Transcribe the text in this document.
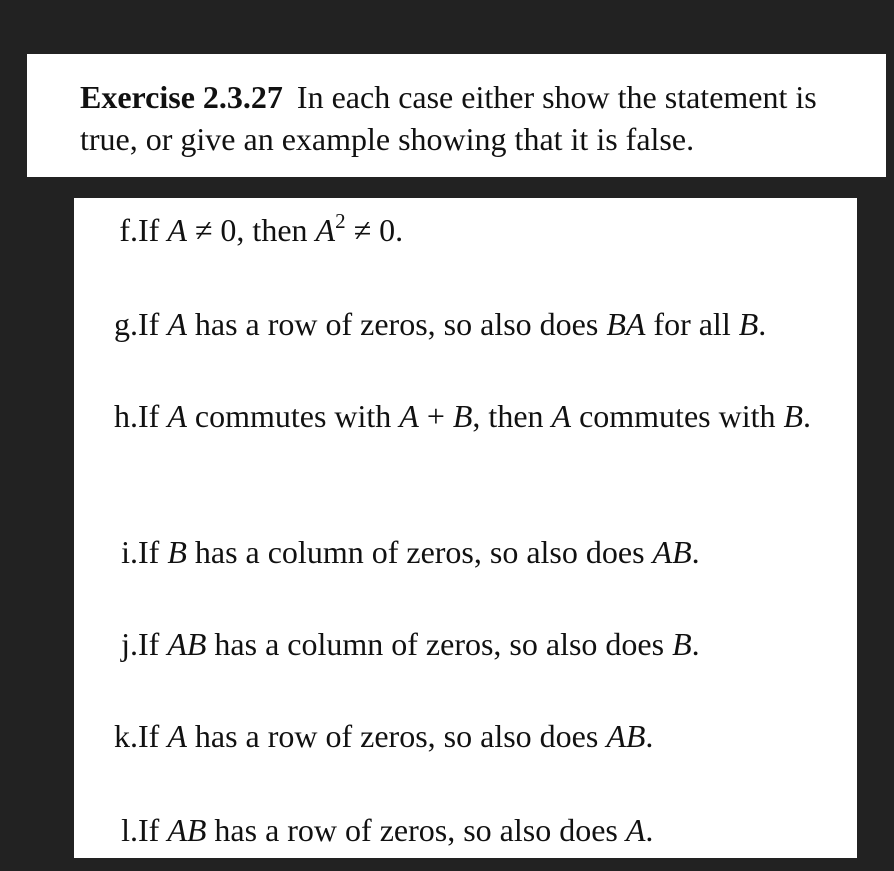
Exercise 2.3.27 In each case either show the statement is true, or give an example showing that it is false.
f. If A ≠ 0, then $A^2 \ne 0$.
g. If A has a row of zeros, so also does BA for all B.
h. If A commutes with A + B, then A commutes with B.
i. If B has a column of zeros, so also does AB.
j. If AB has a column of zeros, so also does B.
k. If A has a row of zeros, so also does AB.
l. If AB has a row of zeros, so also does A.
